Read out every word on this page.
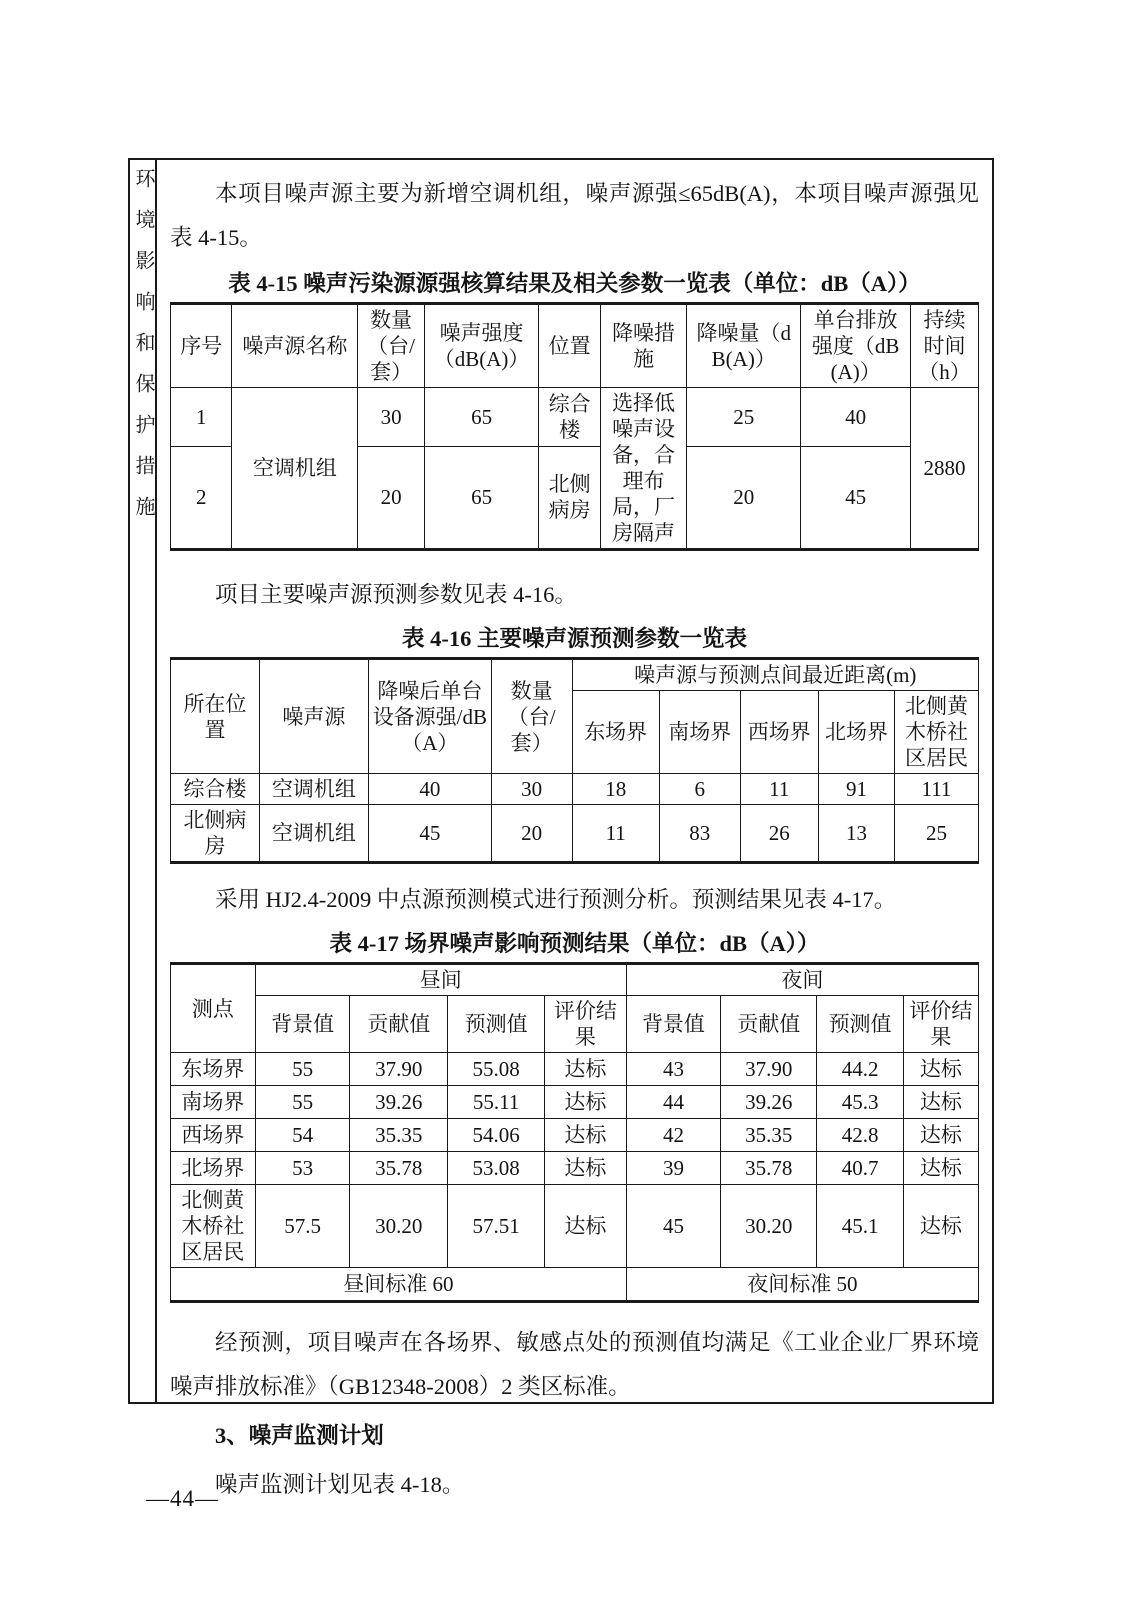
环境影响和保护措施	本项目噪声源主要为新增空调机组，噪声源强≤65dB(A)，本项目噪声源强见表 4-15。

表 4-15 噪声污染源源强核算结果及相关参数一览表（单位：dB（A））
序号	噪声源名称	数量（台/套）	噪声强度（dB(A)）	位置	降噪措施	降噪量（dB(A)）	单台排放强度（dB(A)）	持续时间（h）
1	空调机组	30	65	综合楼	选择低噪声设备，合理布局，厂房隔声	25	40	2880
2		20	65	北侧病房		20	45	

项目主要噪声源预测参数见表 4-16。

表 4-16 主要噪声源预测参数一览表
所在位置	噪声源	降噪后单台设备源强/dB（A）	数量（台/套）	噪声源与预测点间最近距离(m)				
				东场界	南场界	西场界	北场界	北侧黄木桥社区居民
综合楼	空调机组	40	30	18	6	11	91	111
北侧病房	空调机组	45	20	11	83	26	13	25

采用 HJ2.4-2009 中点源预测模式进行预测分析。预测结果见表 4-17。

表 4-17 场界噪声影响预测结果（单位：dB（A））
测点	昼间				夜间			
	背景值	贡献值	预测值	评价结果	背景值	贡献值	预测值	评价结果
东场界	55	37.90	55.08	达标	43	37.90	44.2	达标
南场界	55	39.26	55.11	达标	44	39.26	45.3	达标
西场界	54	35.35	54.06	达标	42	35.35	42.8	达标
北场界	53	35.78	53.08	达标	39	35.78	40.7	达标
北侧黄木桥社区居民	57.5	30.20	57.51	达标	45	30.20	45.1	达标
昼间标准 60					夜间标准 50			

经预测，项目噪声在各场界、敏感点处的预测值均满足《工业企业厂界环境噪声排放标准》（GB12348-2008）2 类区标准。

3、噪声监测计划

噪声监测计划见表 4-18。

—44—
